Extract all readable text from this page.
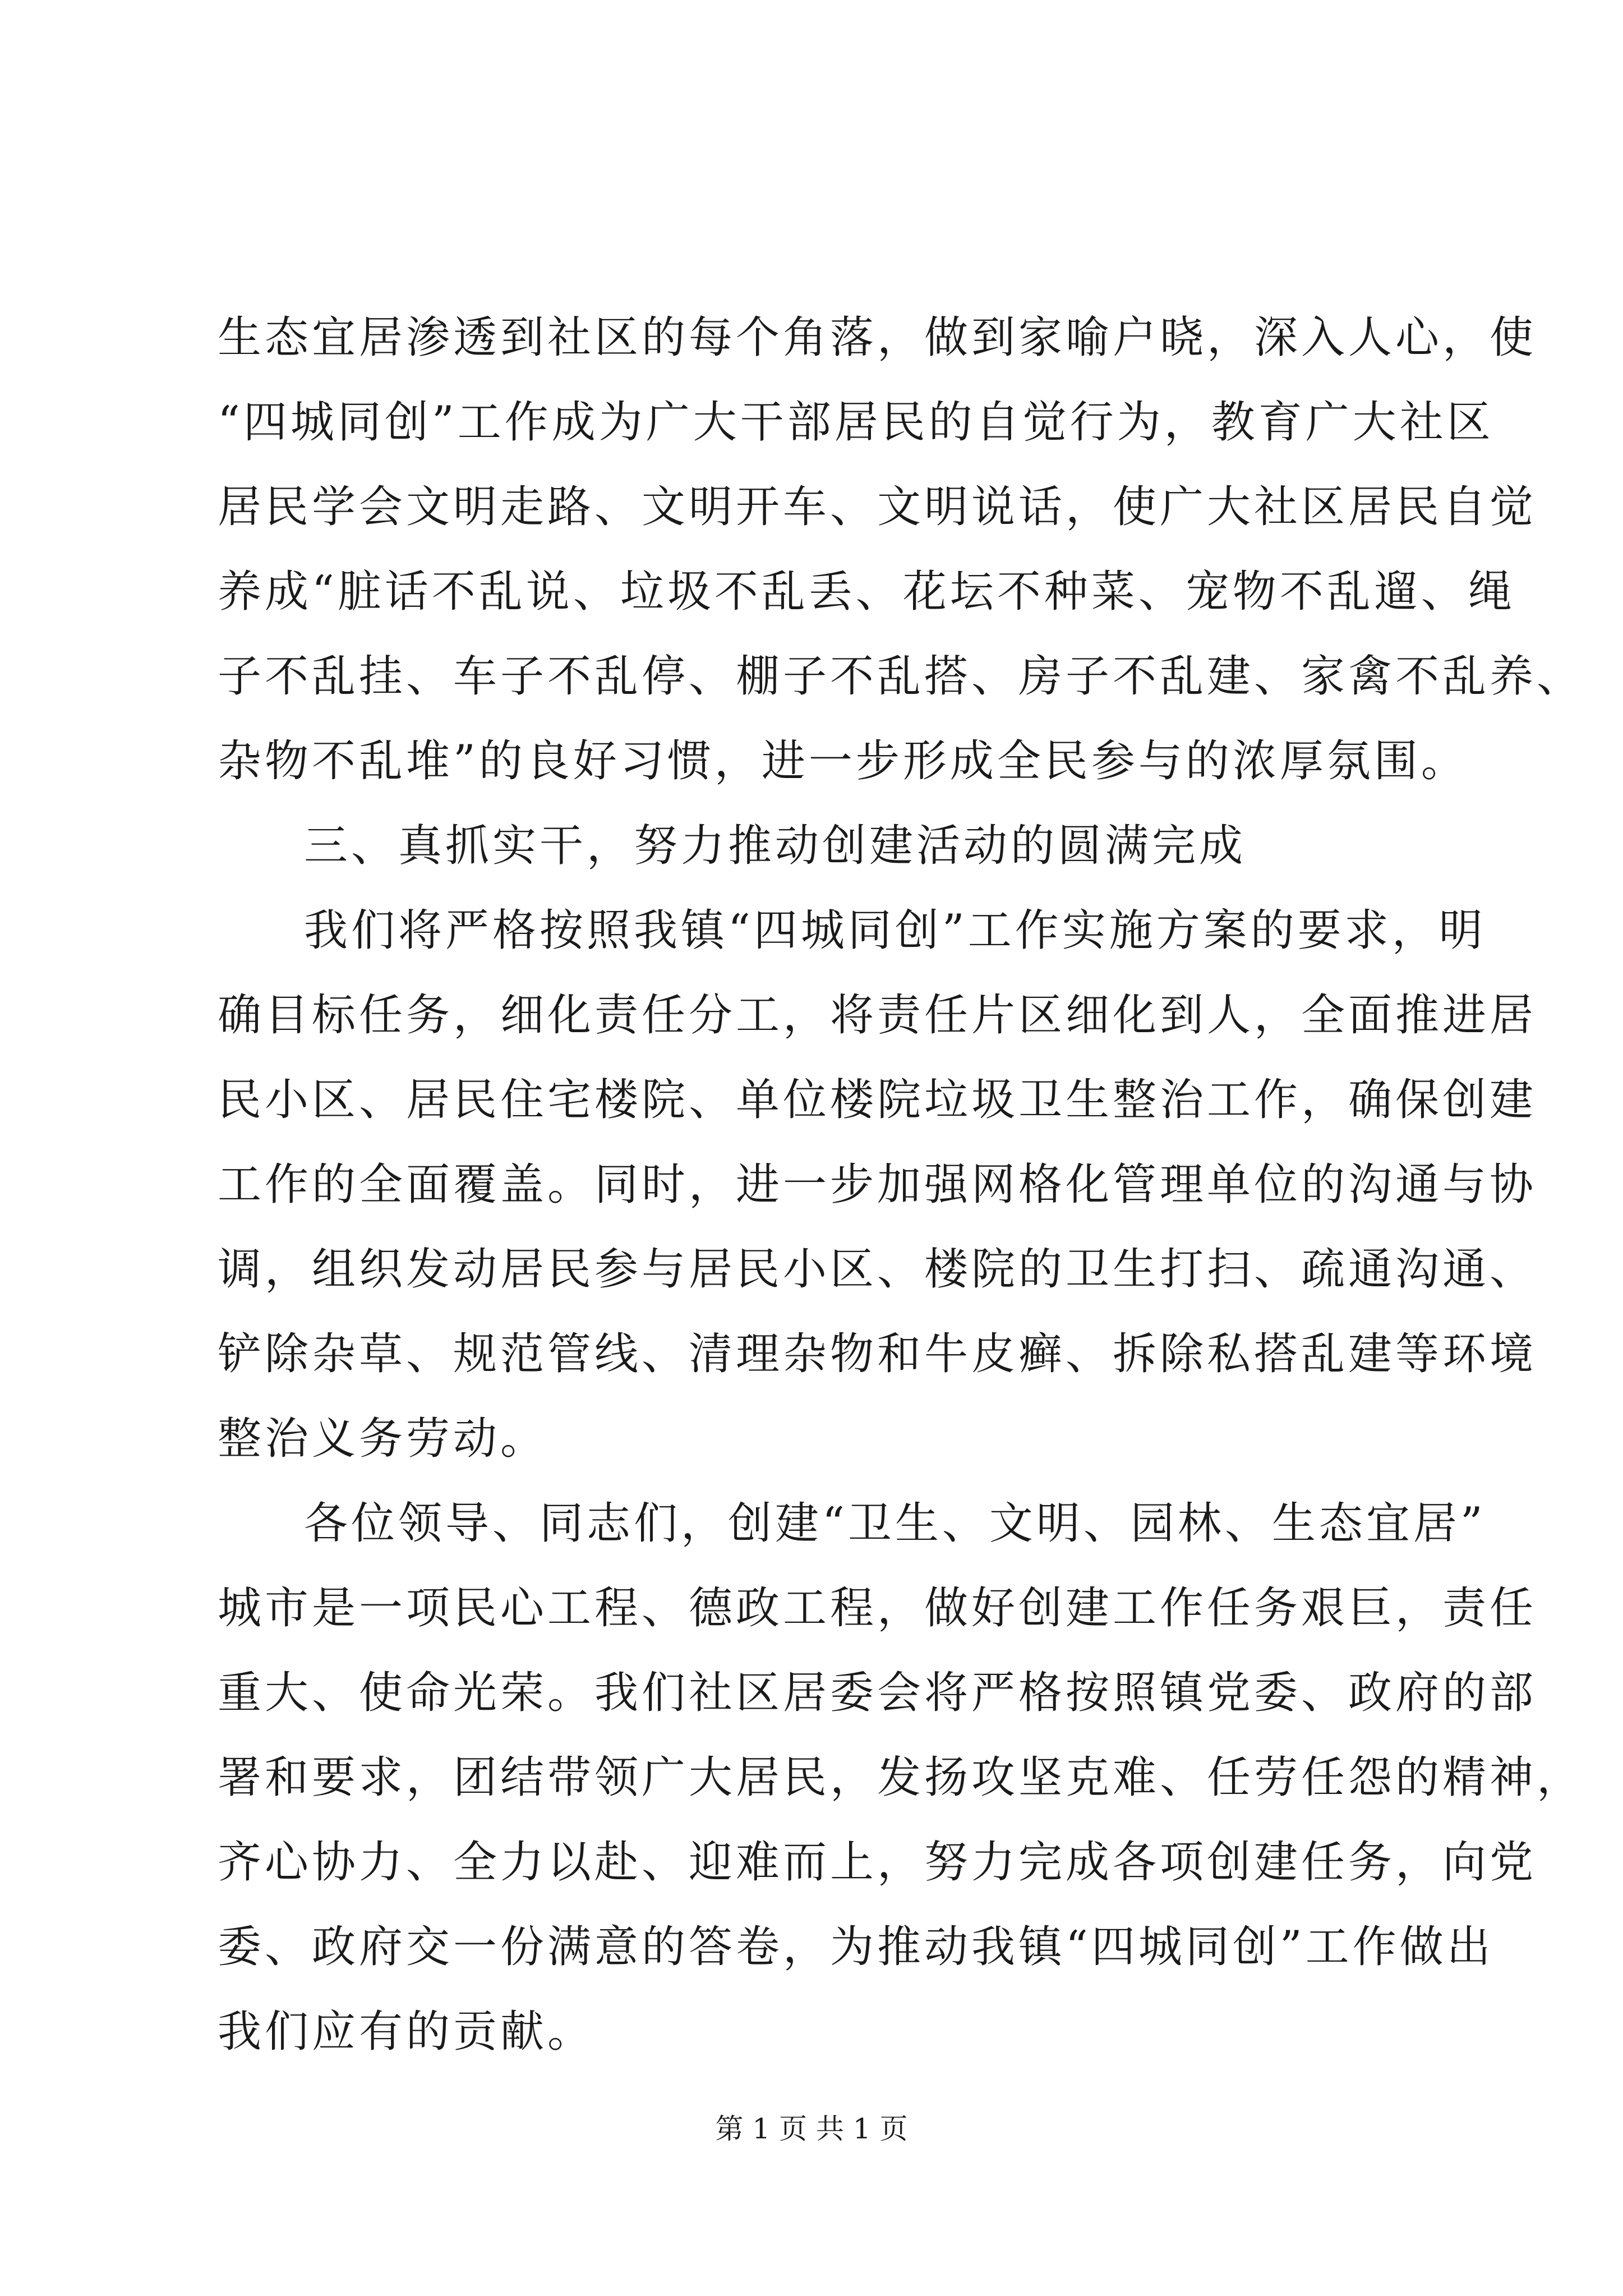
生态宜居渗透到社区的每个角落，做到家喻户晓，深入人心，使
“四城同创”工作成为广大干部居民的自觉行为，教育广大社区
居民学会文明走路、文明开车、文明说话，使广大社区居民自觉
养成“脏话不乱说、垃圾不乱丢、花坛不种菜、宠物不乱遛、绳
子不乱挂、车子不乱停、棚子不乱搭、房子不乱建、家禽不乱养、
杂物不乱堆”的良好习惯，进一步形成全民参与的浓厚氛围。
三、真抓实干，努力推动创建活动的圆满完成
我们将严格按照我镇“四城同创”工作实施方案的要求，明
确目标任务，细化责任分工，将责任片区细化到人，全面推进居
民小区、居民住宅楼院、单位楼院垃圾卫生整治工作，确保创建
工作的全面覆盖。同时，进一步加强网格化管理单位的沟通与协
调，组织发动居民参与居民小区、楼院的卫生打扫、疏通沟通、
铲除杂草、规范管线、清理杂物和牛皮癣、拆除私搭乱建等环境
整治义务劳动。
各位领导、同志们，创建“卫生、文明、园林、生态宜居”
城市是一项民心工程、德政工程，做好创建工作任务艰巨，责任
重大、使命光荣。我们社区居委会将严格按照镇党委、政府的部
署和要求，团结带领广大居民，发扬攻坚克难、任劳任怨的精神，
齐心协力、全力以赴、迎难而上，努力完成各项创建任务，向党
委、政府交一份满意的答卷，为推动我镇“四城同创”工作做出
我们应有的贡献。
第 1 页 共 1 页
